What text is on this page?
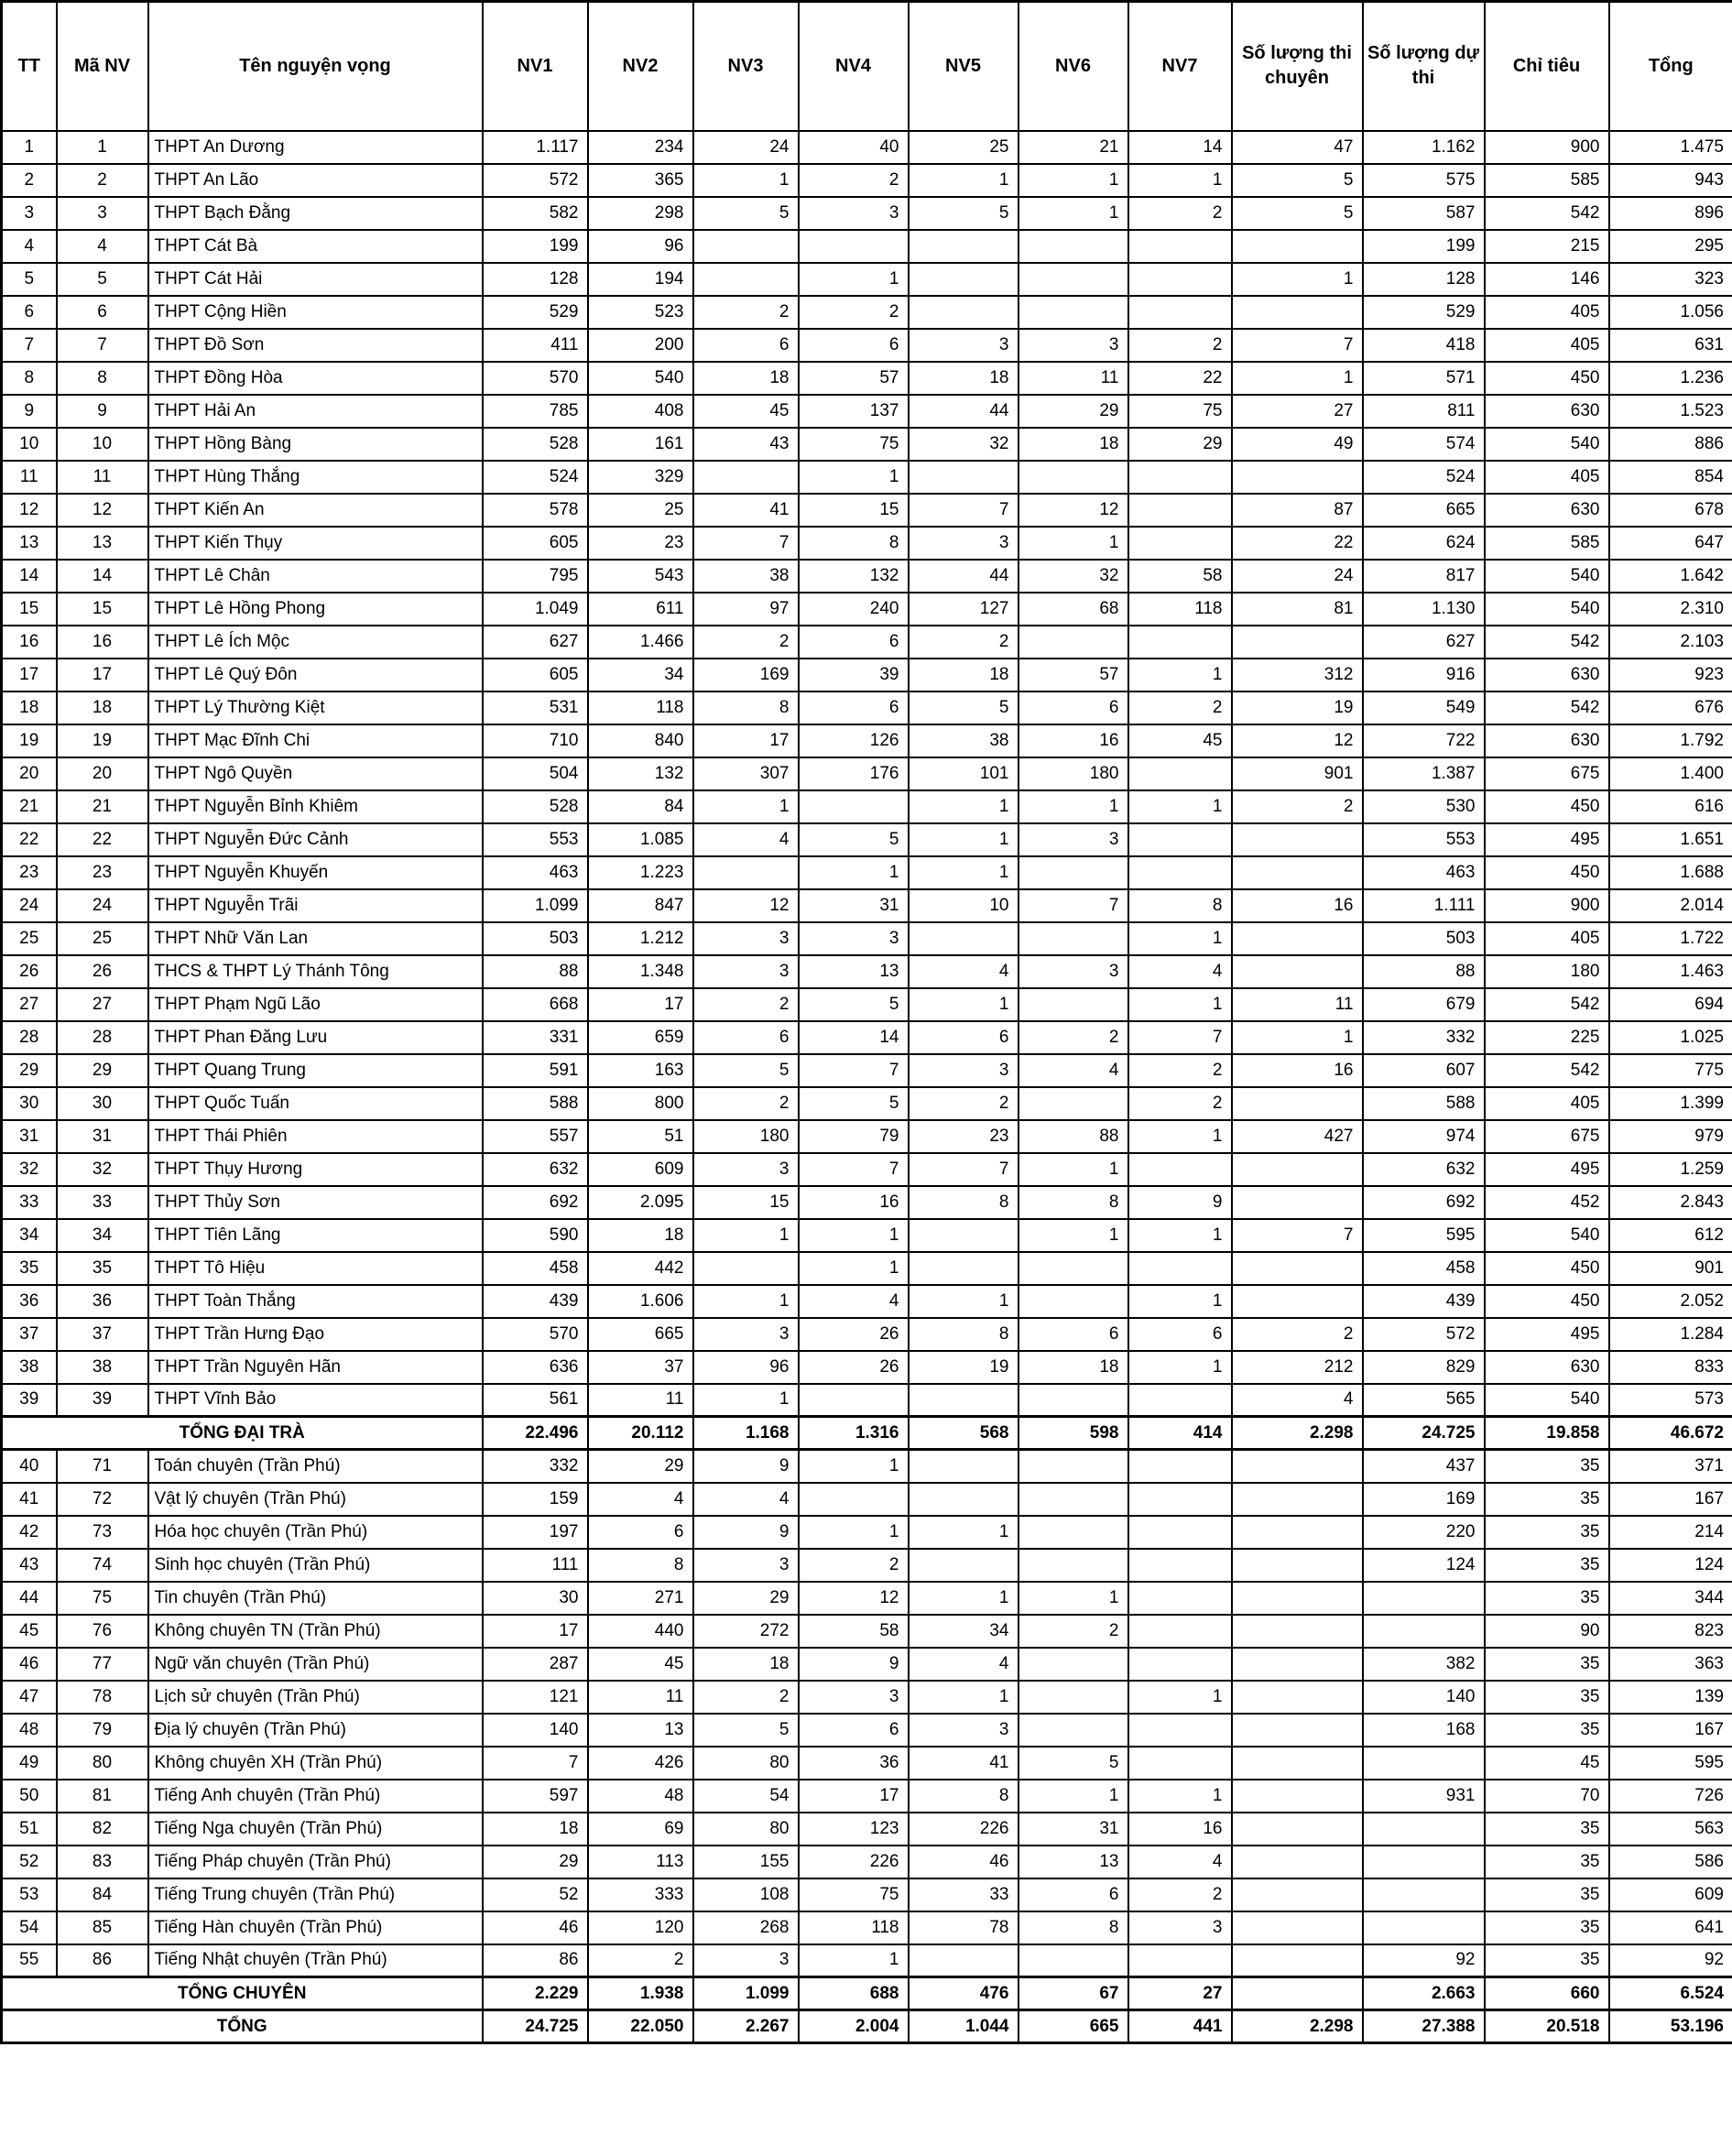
TT	Mã NV	Tên nguyện vọng	NV1	NV2	NV3	NV4	NV5	NV6	NV7	Số lượng thi chuyên	Số lượng dự thi	Chỉ tiêu	Tổng
1	1	THPT An Dương	1.117	234	24	40	25	21	14	47	1.162	900	1.475
2	2	THPT An Lão	572	365	1	2	1	1	1	5	575	585	943
3	3	THPT Bạch Đằng	582	298	5	3	5	1	2	5	587	542	896
4	4	THPT Cát Bà	199	96							199	215	295
5	5	THPT Cát Hải	128	194		1				1	128	146	323
6	6	THPT Cộng Hiền	529	523	2	2					529	405	1.056
7	7	THPT Đồ Sơn	411	200	6	6	3	3	2	7	418	405	631
8	8	THPT Đồng Hòa	570	540	18	57	18	11	22	1	571	450	1.236
9	9	THPT Hải An	785	408	45	137	44	29	75	27	811	630	1.523
10	10	THPT Hồng Bàng	528	161	43	75	32	18	29	49	574	540	886
11	11	THPT Hùng Thắng	524	329		1					524	405	854
12	12	THPT Kiến An	578	25	41	15	7	12		87	665	630	678
13	13	THPT Kiến Thụy	605	23	7	8	3	1		22	624	585	647
14	14	THPT Lê Chân	795	543	38	132	44	32	58	24	817	540	1.642
15	15	THPT Lê Hồng Phong	1.049	611	97	240	127	68	118	81	1.130	540	2.310
16	16	THPT Lê Ích Mộc	627	1.466	2	6	2				627	542	2.103
17	17	THPT Lê Quý Đôn	605	34	169	39	18	57	1	312	916	630	923
18	18	THPT Lý Thường Kiệt	531	118	8	6	5	6	2	19	549	542	676
19	19	THPT Mạc Đĩnh Chi	710	840	17	126	38	16	45	12	722	630	1.792
20	20	THPT Ngô Quyền	504	132	307	176	101	180		901	1.387	675	1.400
21	21	THPT Nguyễn Bỉnh Khiêm	528	84	1		1	1	1	2	530	450	616
22	22	THPT Nguyễn Đức Cảnh	553	1.085	4	5	1	3			553	495	1.651
23	23	THPT Nguyễn Khuyến	463	1.223		1	1				463	450	1.688
24	24	THPT Nguyễn Trãi	1.099	847	12	31	10	7	8	16	1.111	900	2.014
25	25	THPT Nhữ Văn Lan	503	1.212	3	3			1		503	405	1.722
26	26	THCS & THPT Lý Thánh Tông	88	1.348	3	13	4	3	4		88	180	1.463
27	27	THPT Phạm Ngũ Lão	668	17	2	5	1		1	11	679	542	694
28	28	THPT Phan Đăng Lưu	331	659	6	14	6	2	7	1	332	225	1.025
29	29	THPT Quang Trung	591	163	5	7	3	4	2	16	607	542	775
30	30	THPT Quốc Tuấn	588	800	2	5	2		2		588	405	1.399
31	31	THPT Thái Phiên	557	51	180	79	23	88	1	427	974	675	979
32	32	THPT Thụy Hương	632	609	3	7	7	1			632	495	1.259
33	33	THPT Thủy Sơn	692	2.095	15	16	8	8	9		692	452	2.843
34	34	THPT Tiên Lãng	590	18	1	1		1	1	7	595	540	612
35	35	THPT Tô Hiệu	458	442		1					458	450	901
36	36	THPT Toàn Thắng	439	1.606	1	4	1		1		439	450	2.052
37	37	THPT Trần Hưng Đạo	570	665	3	26	8	6	6	2	572	495	1.284
38	38	THPT Trần Nguyên Hãn	636	37	96	26	19	18	1	212	829	630	833
39	39	THPT Vĩnh Bảo	561	11	1					4	565	540	573
TỔNG ĐẠI TRÀ			22.496	20.112	1.168	1.316	568	598	414	2.298	24.725	19.858	46.672
40	71	Toán chuyên (Trần Phú)	332	29	9	1					437	35	371
41	72	Vật lý chuyên (Trần Phú)	159	4	4						169	35	167
42	73	Hóa học chuyên (Trần Phú)	197	6	9	1	1				220	35	214
43	74	Sinh học chuyên (Trần Phú)	111	8	3	2					124	35	124
44	75	Tin chuyên (Trần Phú)	30	271	29	12	1	1				35	344
45	76	Không chuyên TN (Trần Phú)	17	440	272	58	34	2				90	823
46	77	Ngữ văn chuyên (Trần Phú)	287	45	18	9	4				382	35	363
47	78	Lịch sử chuyên (Trần Phú)	121	11	2	3	1		1		140	35	139
48	79	Địa lý chuyên (Trần Phú)	140	13	5	6	3				168	35	167
49	80	Không chuyên XH (Trần Phú)	7	426	80	36	41	5				45	595
50	81	Tiếng Anh chuyên (Trần Phú)	597	48	54	17	8	1	1		931	70	726
51	82	Tiếng Nga chuyên (Trần Phú)	18	69	80	123	226	31	16			35	563
52	83	Tiếng Pháp chuyên (Trần Phú)	29	113	155	226	46	13	4			35	586
53	84	Tiếng Trung chuyên (Trần Phú)	52	333	108	75	33	6	2			35	609
54	85	Tiếng Hàn chuyên (Trần Phú)	46	120	268	118	78	8	3			35	641
55	86	Tiếng Nhật chuyên (Trần Phú)	86	2	3	1					92	35	92
TỔNG CHUYÊN			2.229	1.938	1.099	688	476	67	27		2.663	660	6.524
TỔNG			24.725	22.050	2.267	2.004	1.044	665	441	2.298	27.388	20.518	53.196
